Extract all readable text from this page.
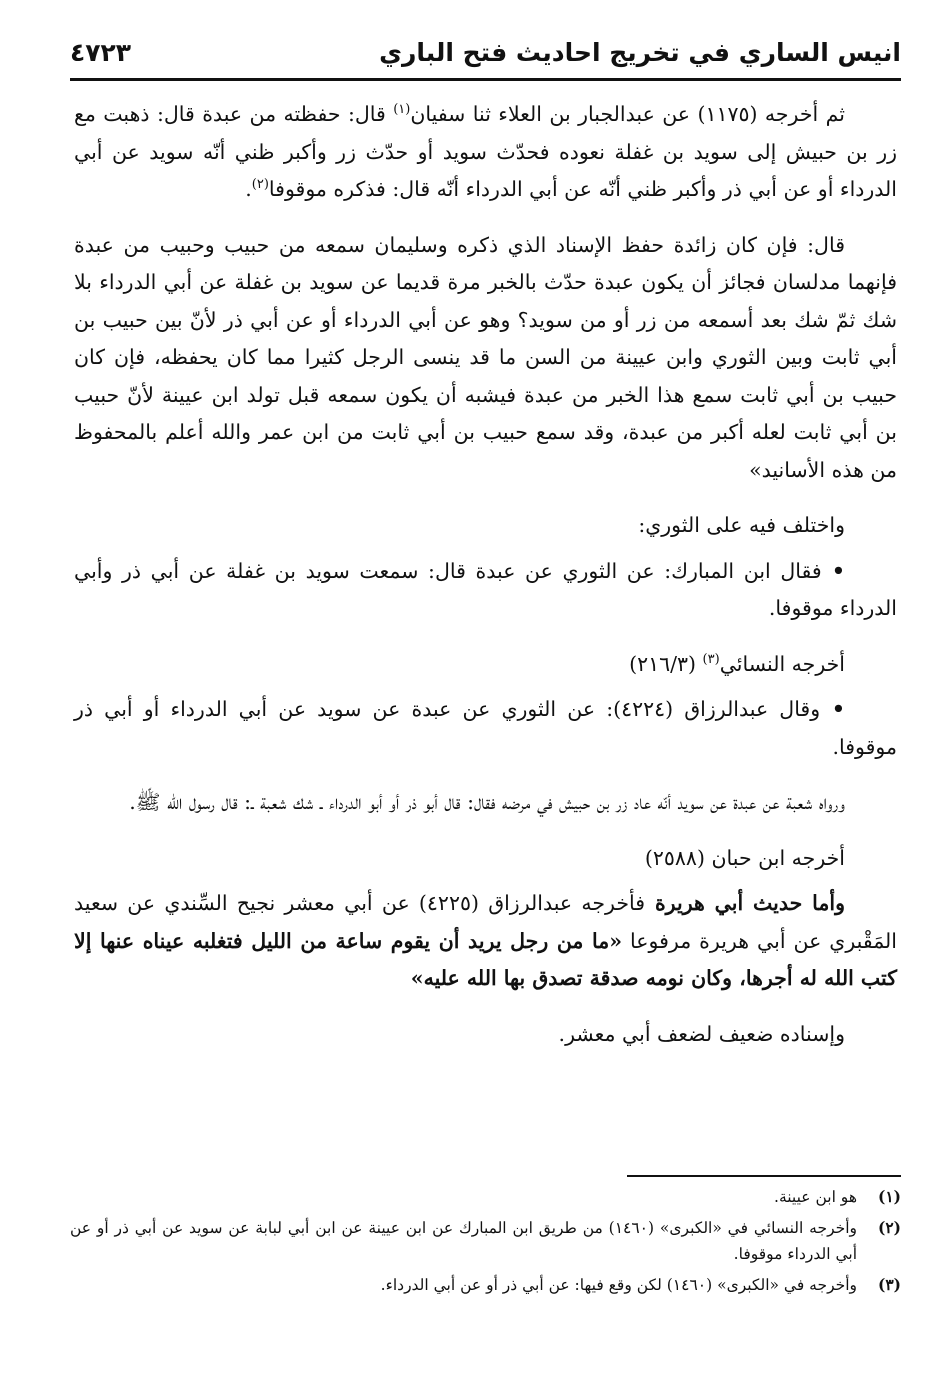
انيس الساري في تخريج احاديث فتح الباري
٤٧٢٣

ثم أخرجه (١١٧٥) عن عبدالجبار بن العلاء ثنا سفيان$^{(١)}$ قال: حفظته من عبدة قال: ذهبت مع زر بن حبيش إلى سويد بن غفلة نعوده فحدّث سويد أو حدّث زر وأكبر ظني أنّه سويد عن أبي الدرداء أو عن أبي ذر وأكبر ظني أنّه عن أبي الدرداء أنّه قال: فذكره موقوفا$^{(٢)}$.

قال: فإن كان زائدة حفظ الإسناد الذي ذكره وسليمان سمعه من حبيب وحبيب من عبدة فإنهما مدلسان فجائز أن يكون عبدة حدّث بالخبر مرة قديما عن سويد بن غفلة عن أبي الدرداء بلا شك ثمّ شك بعد أسمعه من زر أو من سويد؟ وهو عن أبي الدرداء أو عن أبي ذر لأنّ بين حبيب بن أبي ثابت وبين الثوري وابن عيينة من السن ما قد ينسى الرجل كثيرا مما كان يحفظه، فإن كان حبيب بن أبي ثابت سمع هذا الخبر من عبدة فيشبه أن يكون سمعه قبل تولد ابن عيينة لأنّ حبيب بن أبي ثابت لعله أكبر من عبدة، وقد سمع حبيب بن أبي ثابت من ابن عمر والله أعلم بالمحفوظ من هذه الأسانيد»

واختلف فيه على الثوري:

• فقال ابن المبارك: عن الثوري عن عبدة قال: سمعت سويد بن غفلة عن أبي ذر وأبي الدرداء موقوفا.

أخرجه النسائي$^{(٣)}$ (٢١٦/٣)

• وقال عبدالرزاق (٤٢٢٤): عن الثوري عن عبدة عن سويد عن أبي الدرداء أو أبي ذر موقوفا.

ورواه شعبة عن عبدة عن سويد أنّه عاد زر بن حبيش في مرضه فقال: قال أبو ذر أو أبو الدرداء ـ شك شعبة ـ: قال رسول الله ﷺ.

أخرجه ابن حبان (٢٥٨٨)

وأما حديث أبي هريرة فأخرجه عبدالرزاق (٤٢٢٥) عن أبي معشر نجيح السِّندي عن سعيد المَقْبري عن أبي هريرة مرفوعا «ما من رجل يريد أن يقوم ساعة من الليل فتغلبه عيناه عنها إلا كتب الله له أجرها، وكان نومه صدقة تصدق بها الله عليه»

وإسناده ضعيف لضعف أبي معشر.

(١)
هو ابن عيينة.
(٢)
وأخرجه النسائي في «الكبرى» (١٤٦٠) من طريق ابن المبارك عن ابن عيينة عن ابن أبي لبابة عن سويد عن أبي ذر أو عن أبي الدرداء موقوفا.
(٣)
وأخرجه في «الكبرى» (١٤٦٠) لكن وقع فيها: عن أبي ذر أو عن أبي الدرداء.
